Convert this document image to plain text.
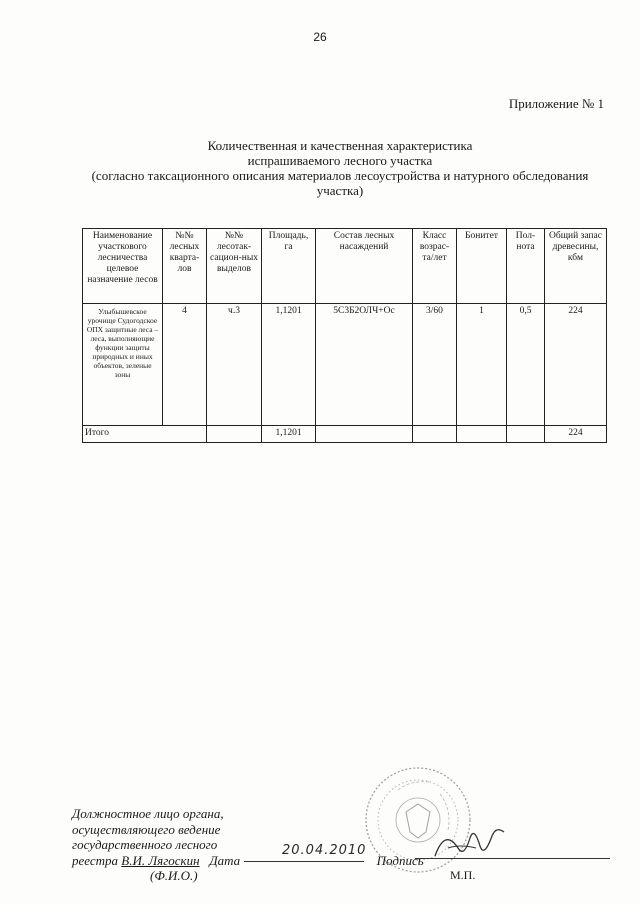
26
Приложение № 1
Количественная и качественная характеристика
испрашиваемого лесного участка
(согласно таксационного описания материалов лесоустройства и натурного обследования
участка)
Наименование участкового лесничества целевое назначение лесов	№№ лесных кварта-лов	№№ лесотак-сацион-ных выделов	Площадь, га	Состав лесных насаждений	Класс возрас-та/лет	Бонитет	Пол-нота	Общий запас древесины, кбм
Улыбышевское урочище Судогодское ОПХ защитные леса – леса, выполняющие функции защиты природных и иных объектов, зеленые зоны	4	ч.3	1,1201	5С3Б2ОЛЧ+Ос	3/60	1	0,5	224
Итого			1,1201					224
Должностное лицо органа,
осуществляющего ведение
государственного лесного
реестра В.И. Лягоскин Дата	Подпись
(Ф.И.О.)
20.04.2010
М.П.
